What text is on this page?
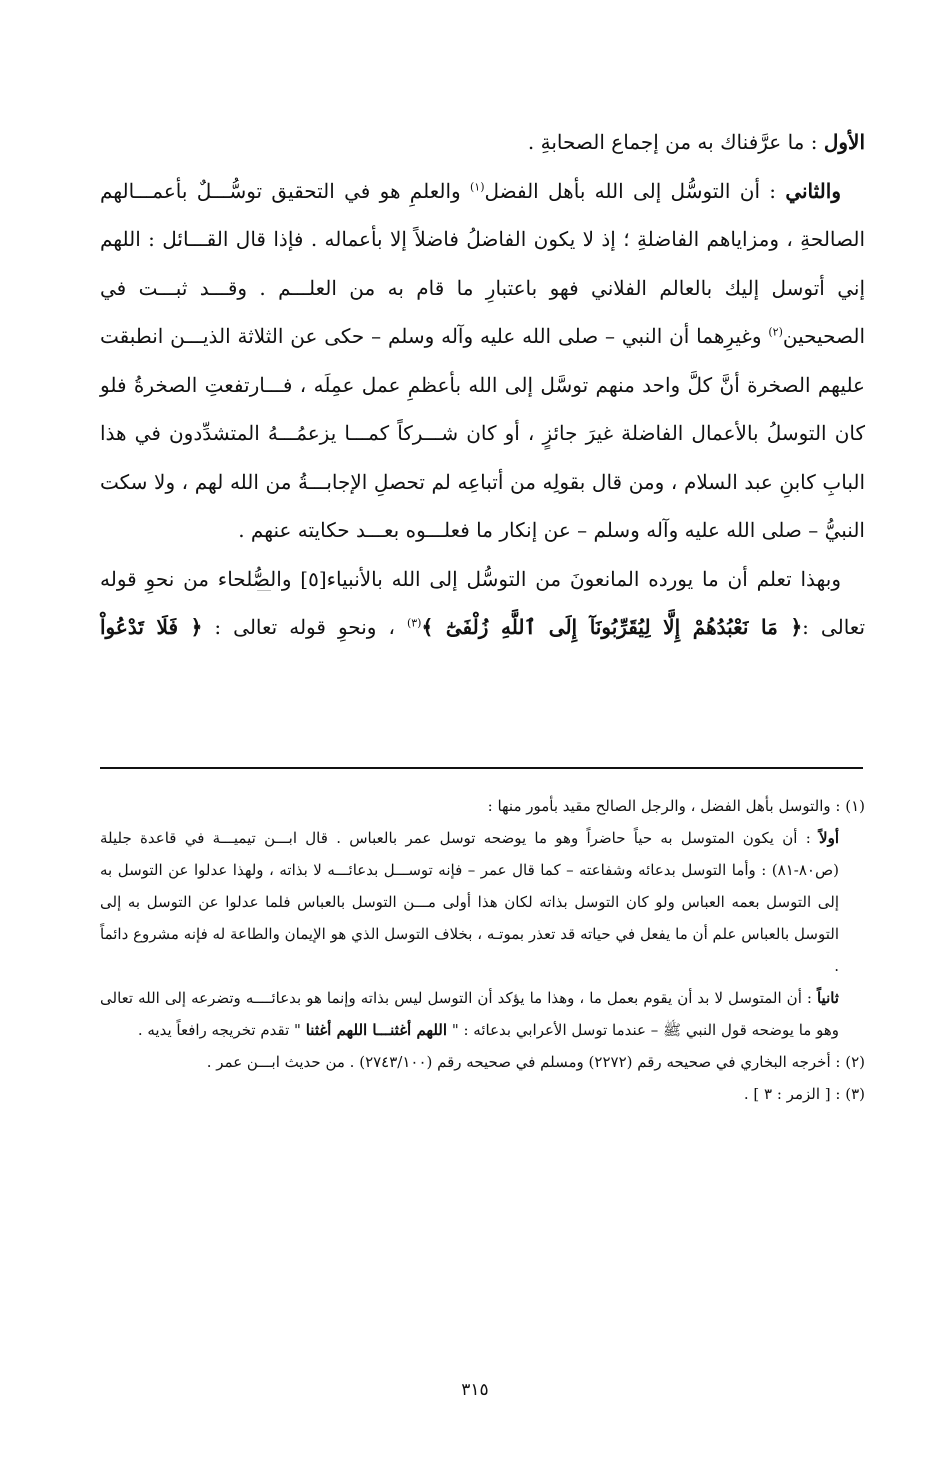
الأول : ما عرَّفناك به من إجماع الصحابةِ .

والثاني : أن التوسُّل إلى الله بأهل الفضل$^{(١)}$ والعلمِ هو في التحقيق توسُّـــلٌ بأعمـــالهم الصالحةِ ، ومزاياهم الفاضلةِ ؛ إذ لا يكون الفاضلُ فاضلاً إلا بأعماله . فإذا قال القـــائل : اللهم إني أتوسل إليك بالعالم الفلاني فهو باعتبارِ ما قام به من العلـــم . وقـــد ثبـــت في الصحيحين$^{(٢)}$ وغيرِهما أن النبي – صلى الله عليه وآله وسلم – حكى عن الثلاثة الذيـــن انطبقت عليهم الصخرة أنَّ كلَّ واحد منهم توسَّل إلى الله بأعظمِ عمل عمِلَه ، فـــارتفعتِ الصخرةُ فلو كان التوسلُ بالأعمال الفاضلة غيرَ جائزٍ ، أو كان شـــركاً كمـــا يزعمُـــهُ المتشدِّدون في هذا البابِ كابنِ عبد السلام ، ومن قال بقولِه من أتباعِه لم تحصلِ الإجابـــةُ من الله لهم ، ولا سكت النبيُّ – صلى الله عليه وآله وسلم – عن إنكار ما فعلـــوه بعـــد حكايته عنهم .

وبهذا تعلم أن ما يورده المانعونَ من التوسُّل إلى الله بالأنبياء[٥] والصُّلحاء من نحوِ قوله تعالى :﴿ مَا نَعْبُدُهُمْ إِلَّا لِيُقَرِّبُونَآ إِلَى ٱللَّهِ زُلْفَىٰٓ ﴾$^{(٣)}$ ، ونحوِ قوله تعالى : ﴿ فَلَا تَدْعُواْ

(١) : والتوسل بأهل الفضل ، والرجل الصالح مقيد بأمور منها :

أولاً : أن يكون المتوسل به حياً حاضراً وهو ما يوضحه توسل عمر بالعباس . قال ابـــن تيميـــة في قاعدة جليلة (ص٨٠-٨١) : وأما التوسل بدعائه وشفاعته – كما قال عمر – فإنه توســـل بدعائـــه لا بذاته ، ولهذا عدلوا عن التوسل به إلى التوسل بعمه العباس ولو كان التوسل بذاته لكان هذا أولى مـــن التوسل بالعباس فلما عدلوا عن التوسل به إلى التوسل بالعباس علم أن ما يفعل في حياته قد تعذر بموتـه ، بخلاف التوسل الذي هو الإيمان والطاعة له فإنه مشروع دائماً .

ثانياً : أن المتوسل لا بد أن يقوم بعمل ما ، وهذا ما يؤكد أن التوسل ليس بذاته وإنما هو بدعائــــه وتضرعه إلى الله تعالى وهو ما يوضحه قول النبي ﷺ – عندما توسل الأعرابي بدعائه : " اللهم أغثنـــا اللهم أغثنا " تقدم تخريجه رافعاً يديه .

(٢) : أخرجه البخاري في صحيحه رقم (٢٢٧٢) ومسلم في صحيحه رقم (٢٧٤٣/١٠٠) . من حديث ابـــن عمر .

(٣) : [ الزمر : ٣ ] .

٣١٥
